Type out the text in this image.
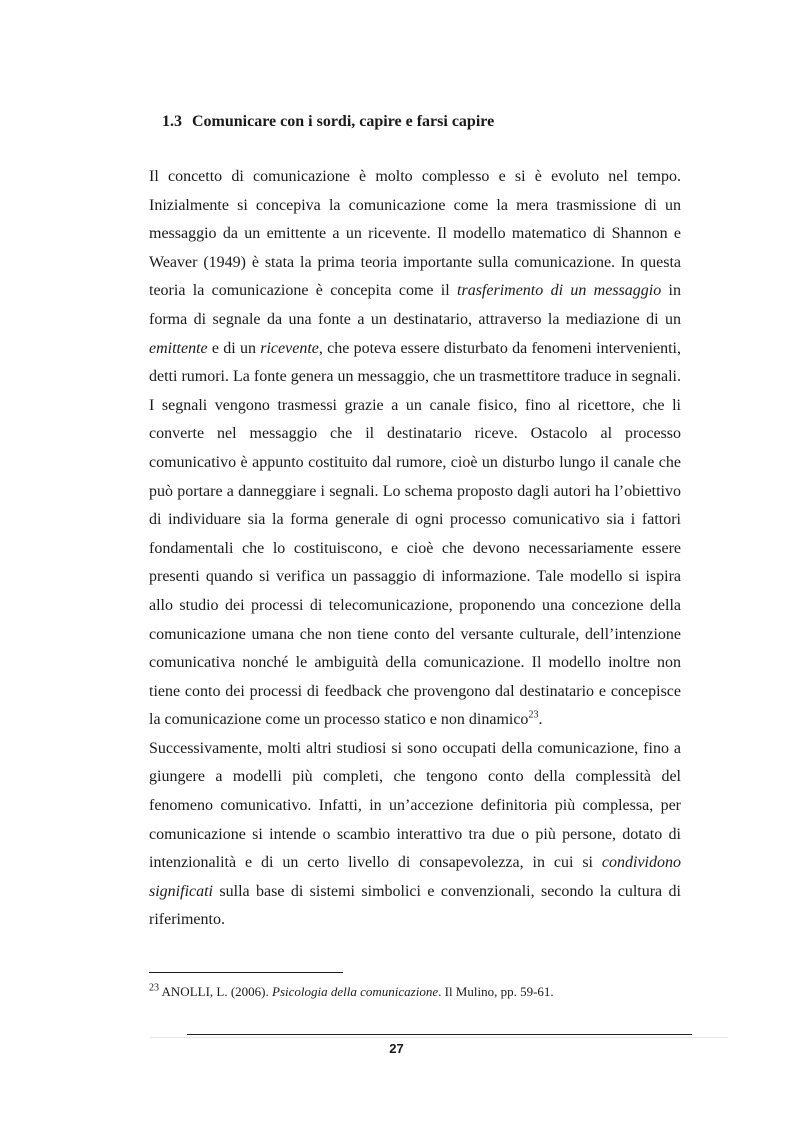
1.3 Comunicare con i sordi, capire e farsi capire

Il concetto di comunicazione è molto complesso e si è evoluto nel tempo. Inizialmente si concepiva la comunicazione come la mera trasmissione di un messaggio da un emittente a un ricevente. Il modello matematico di Shannon e Weaver (1949) è stata la prima teoria importante sulla comunicazione. In questa teoria la comunicazione è concepita come il trasferimento di un messaggio in forma di segnale da una fonte a un destinatario, attraverso la mediazione di un emittente e di un ricevente, che poteva essere disturbato da fenomeni intervenienti, detti rumori. La fonte genera un messaggio, che un trasmettitore traduce in segnali. I segnali vengono trasmessi grazie a un canale fisico, fino al ricettore, che li converte nel messaggio che il destinatario riceve. Ostacolo al processo comunicativo è appunto costituito dal rumore, cioè un disturbo lungo il canale che può portare a danneggiare i segnali. Lo schema proposto dagli autori ha l’obiettivo di individuare sia la forma generale di ogni processo comunicativo sia i fattori fondamentali che lo costituiscono, e cioè che devono necessariamente essere presenti quando si verifica un passaggio di informazione. Tale modello si ispira allo studio dei processi di telecomunicazione, proponendo una concezione della comunicazione umana che non tiene conto del versante culturale, dell’intenzione comunicativa nonché le ambiguità della comunicazione. Il modello inoltre non tiene conto dei processi di feedback che provengono dal destinatario e concepisce la comunicazione come un processo statico e non dinamico$^{23}$.

Successivamente, molti altri studiosi si sono occupati della comunicazione, fino a giungere a modelli più completi, che tengono conto della complessità del fenomeno comunicativo. Infatti, in un’accezione definitoria più complessa, per comunicazione si intende o scambio interattivo tra due o più persone, dotato di intenzionalità e di un certo livello di consapevolezza, in cui si condividono significati sulla base di sistemi simbolici e convenzionali, secondo la cultura di riferimento.

$^{23}$ ANOLLI, L. (2006). Psicologia della comunicazione. Il Mulino, pp. 59-61.
27
